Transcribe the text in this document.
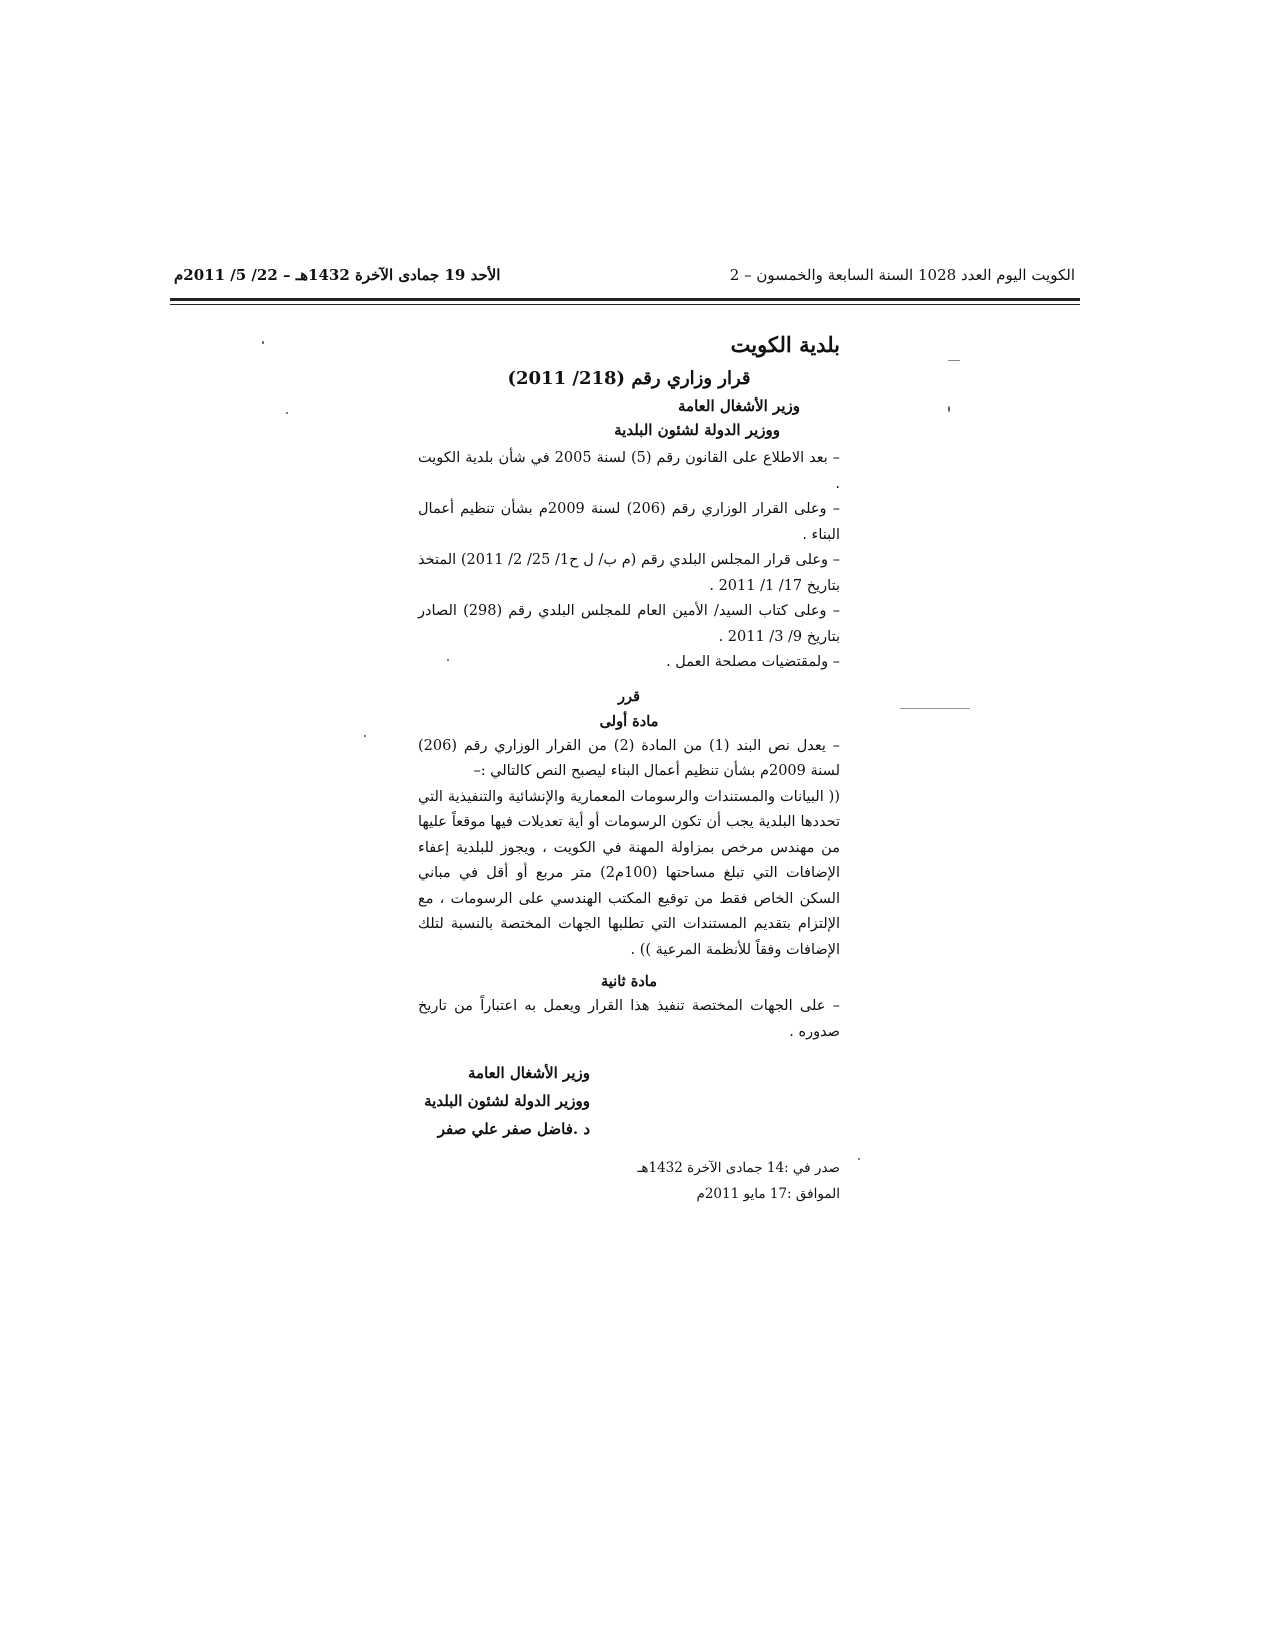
الكويت اليوم العدد 1028 السنة السابعة والخمسون – 2
الأحد 19 جمادى الآخرة 1432هـ – 22/ 5/ 2011م

بلدية الكويت

قرار وزاري رقم (218/ 2011)

وزير الأشغال العامة

ووزير الدولة لشئون البلدية

– بعد الاطلاع على القانون رقم (5) لسنة 2005 في شأن بلدية الكويت .

– وعلى القرار الوزاري رقم (206) لسنة 2009م بشأن تنظيم أعمال البناء .

– وعلى قرار المجلس البلدي رقم (م ب/ ل ح1/ 25/ 2/ 2011) المتخذ بتاريخ 17/ 1/ 2011 .

– وعلى كتاب السيد/ الأمين العام للمجلس البلدي رقم (298) الصادر بتاريخ 9/ 3/ 2011 .

– ولمقتضيات مصلحة العمل .

قرر

مادة أولى

– يعدل نص البند (1) من المادة (2) من القرار الوزاري رقم (206) لسنة 2009م بشأن تنظيم أعمال البناء ليصبح النص كالتالي :–

(( البيانات والمستندات والرسومات المعمارية والإنشائية والتنفيذية التي تحددها البلدية يجب أن تكون الرسومات أو أية تعديلات فيها موقعاً عليها من مهندس مرخص بمزاولة المهنة في الكويت ، ويجوز للبلدية إعفاء الإضافات التي تبلغ مساحتها (100م2) متر مربع أو أقل في مباني السكن الخاص فقط من توقيع المكتب الهندسي على الرسومات ، مع الإلتزام بتقديم المستندات التي تطلبها الجهات المختصة بالنسبة لتلك الإضافات وفقاً للأنظمة المرعية )) .

مادة ثانية

– على الجهات المختصة تنفيذ هذا القرار ويعمل به اعتباراً من تاريخ صدوره .

وزير الأشغال العامة

ووزير الدولة لشئون البلدية

د .فاضل صفر علي صفر

صدر في :14 جمادى الآخرة 1432هـ

الموافق :17 مايو 2011م
